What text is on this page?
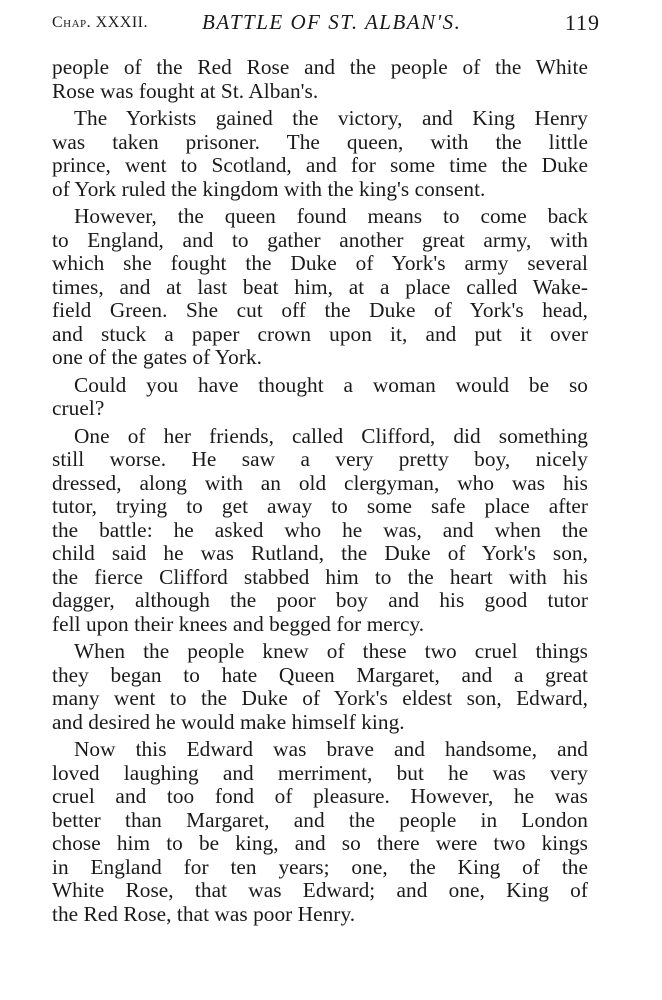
Chap. XXXII.	BATTLE OF ST. ALBAN'S.	119

people of the Red Rose and the people of the White

Rose was fought at St. Alban's.

The Yorkists gained the victory, and King Henry

was taken prisoner. The queen, with the little

prince, went to Scotland, and for some time the Duke

of York ruled the kingdom with the king's consent.

However, the queen found means to come back

to England, and to gather another great army, with

which she fought the Duke of York's army several

times, and at last beat him, at a place called Wake-

field Green. She cut off the Duke of York's head,

and stuck a paper crown upon it, and put it over

one of the gates of York.

Could you have thought a woman would be so

cruel?

One of her friends, called Clifford, did something

still worse. He saw a very pretty boy, nicely

dressed, along with an old clergyman, who was his

tutor, trying to get away to some safe place after

the battle: he asked who he was, and when the

child said he was Rutland, the Duke of York's son,

the fierce Clifford stabbed him to the heart with his

dagger, although the poor boy and his good tutor

fell upon their knees and begged for mercy.

When the people knew of these two cruel things

they began to hate Queen Margaret, and a great

many went to the Duke of York's eldest son, Edward,

and desired he would make himself king.

Now this Edward was brave and handsome, and

loved laughing and merriment, but he was very

cruel and too fond of pleasure. However, he was

better than Margaret, and the people in London

chose him to be king, and so there were two kings

in England for ten years; one, the King of the

White Rose, that was Edward; and one, King of

the Red Rose, that was poor Henry.
